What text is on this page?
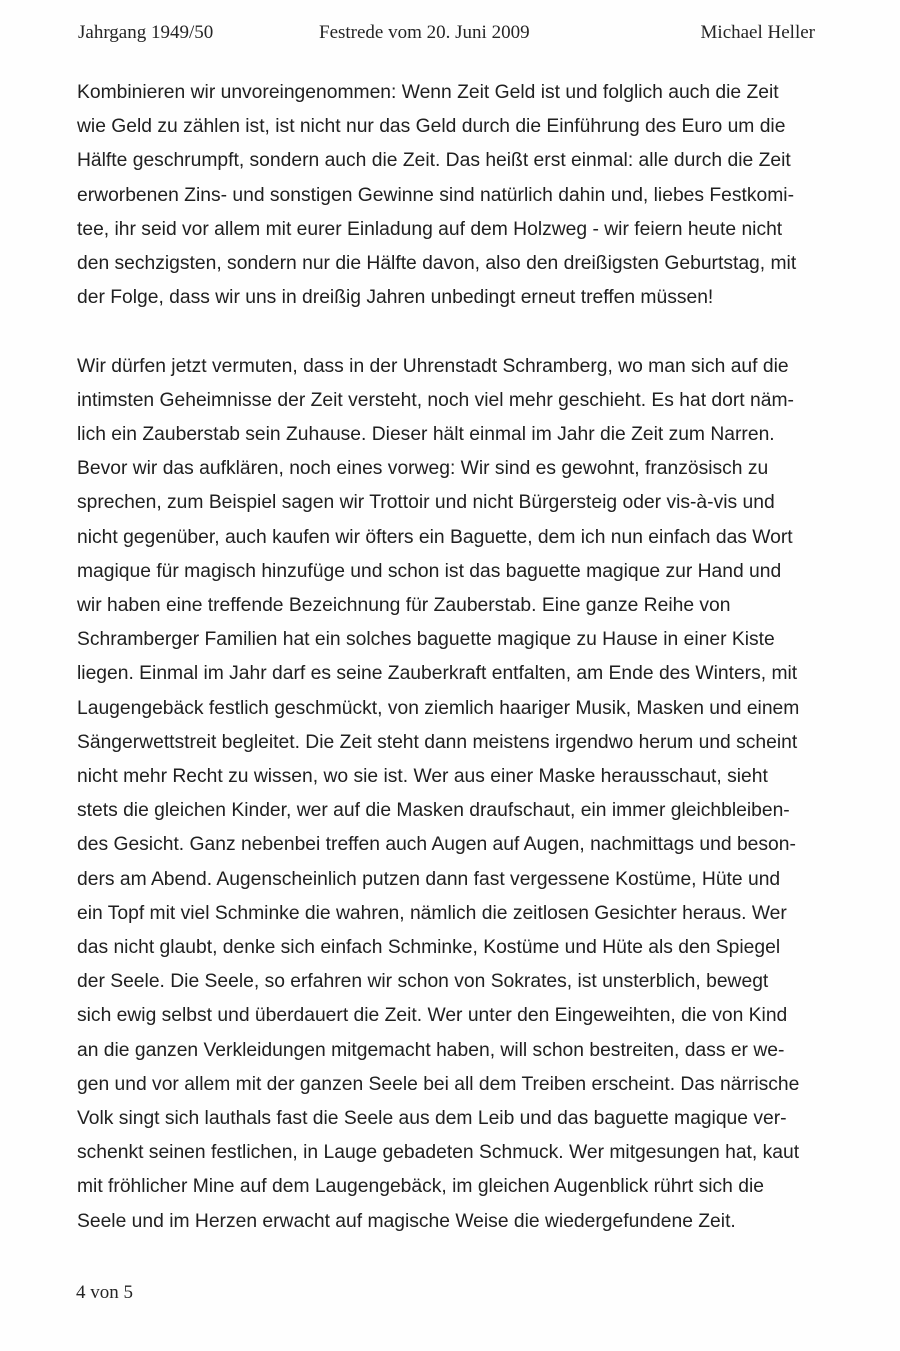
Jahrgang 1949/50	Festrede vom 20. Juni 2009	Michael Heller

Kombinieren wir unvoreingenommen: Wenn Zeit Geld ist und folglich auch die Zeit
wie Geld zu zählen ist, ist nicht nur das Geld durch die Einführung des Euro um die
Hälfte geschrumpft, sondern auch die Zeit. Das heißt erst einmal: alle durch die Zeit
erworbenen Zins- und sonstigen Gewinne sind natürlich dahin und, liebes Festkomi-
tee, ihr seid vor allem mit eurer Einladung auf dem Holzweg - wir feiern heute nicht
den sechzigsten, sondern nur die Hälfte davon, also den dreißigsten Geburtstag, mit
der Folge, dass wir uns in dreißig Jahren unbedingt erneut treffen müssen!

Wir dürfen jetzt vermuten, dass in der Uhrenstadt Schramberg, wo man sich auf die
intimsten Geheimnisse der Zeit versteht, noch viel mehr geschieht. Es hat dort näm-
lich ein Zauberstab sein Zuhause. Dieser hält einmal im Jahr die Zeit zum Narren.
Bevor wir das aufklären, noch eines vorweg: Wir sind es gewohnt, französisch zu
sprechen, zum Beispiel sagen wir Trottoir und nicht Bürgersteig oder vis-à-vis und
nicht gegenüber, auch kaufen wir öfters ein Baguette, dem ich nun einfach das Wort
magique für magisch hinzufüge und schon ist das baguette magique zur Hand und
wir haben eine treffende Bezeichnung für Zauberstab. Eine ganze Reihe von
Schramberger Familien hat ein solches baguette magique zu Hause in einer Kiste
liegen. Einmal im Jahr darf es seine Zauberkraft entfalten, am Ende des Winters, mit
Laugengebäck festlich geschmückt, von ziemlich haariger Musik, Masken und einem
Sängerwettstreit begleitet. Die Zeit steht dann meistens irgendwo herum und scheint
nicht mehr Recht zu wissen, wo sie ist. Wer aus einer Maske herausschaut, sieht
stets die gleichen Kinder, wer auf die Masken draufschaut, ein immer gleichbleiben-
des Gesicht. Ganz nebenbei treffen auch Augen auf Augen, nachmittags und beson-
ders am Abend. Augenscheinlich putzen dann fast vergessene Kostüme, Hüte und
ein Topf mit viel Schminke die wahren, nämlich die zeitlosen Gesichter heraus. Wer
das nicht glaubt, denke sich einfach Schminke, Kostüme und Hüte als den Spiegel
der Seele. Die Seele, so erfahren wir schon von Sokrates, ist unsterblich, bewegt
sich ewig selbst und überdauert die Zeit. Wer unter den Eingeweihten, die von Kind
an die ganzen Verkleidungen mitgemacht haben, will schon bestreiten, dass er we-
gen und vor allem mit der ganzen Seele bei all dem Treiben erscheint. Das närrische
Volk singt sich lauthals fast die Seele aus dem Leib und das baguette magique ver-
schenkt seinen festlichen, in Lauge gebadeten Schmuck. Wer mitgesungen hat, kaut
mit fröhlicher Mine auf dem Laugengebäck, im gleichen Augenblick rührt sich die
Seele und im Herzen erwacht auf magische Weise die wiedergefundene Zeit.

4 von 5
